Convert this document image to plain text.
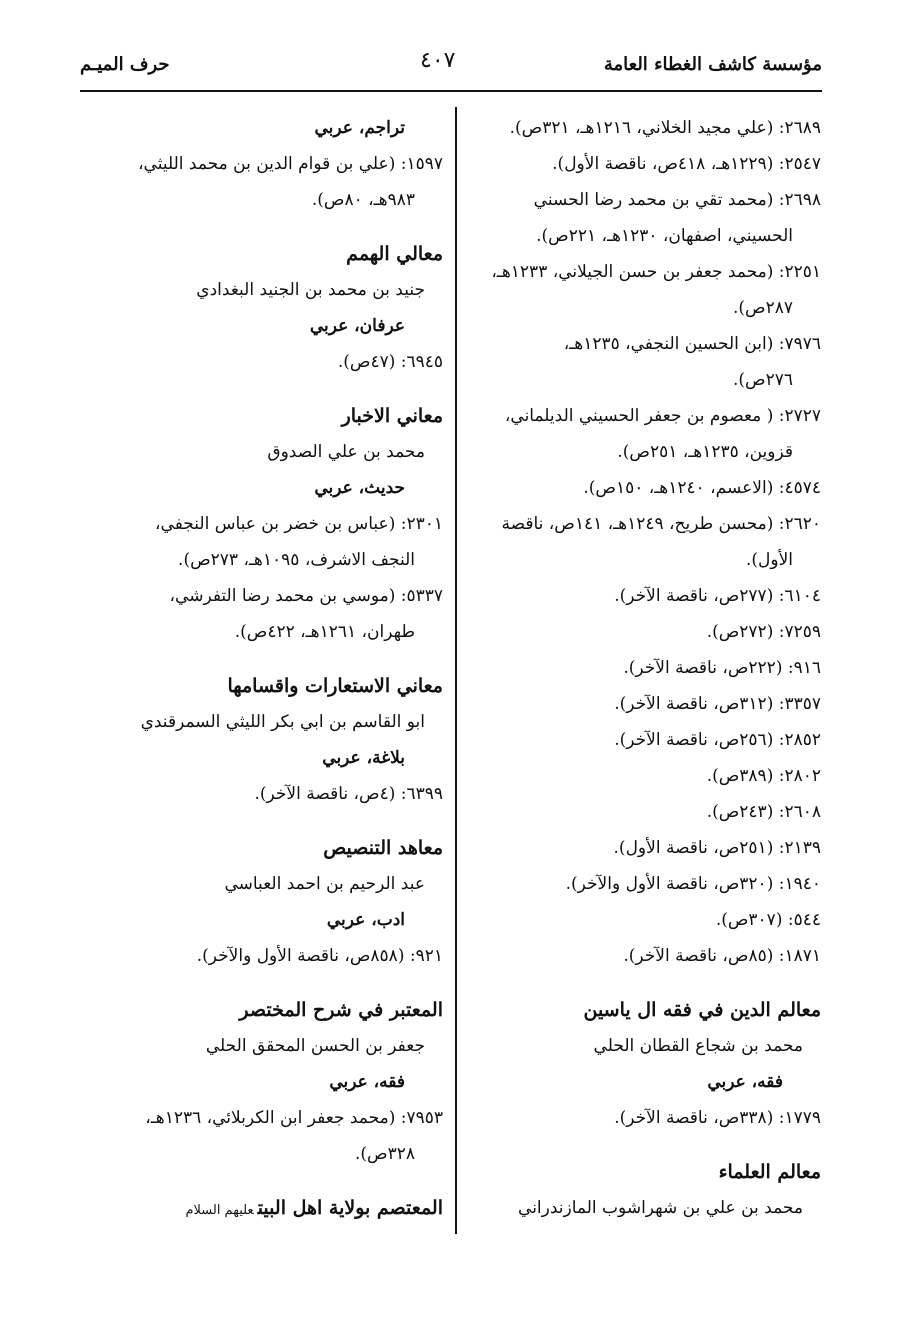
مؤسسة كاشف الغطاء العامة
٤٠٧
حرف الميـم
٢٦٨٩: (علي مجيد الخلاني، ١٢١٦هـ، ٣٢١ص).
٢٥٤٧: (١٢٢٩هـ، ٤١٨ص، ناقصة الأول).
٢٦٩٨: (محمد تقي بن محمد رضا الحسني
الحسيني، اصفهان، ١٢٣٠هـ، ٢٢١ص).
٢٢٥١: (محمد جعفر بن حسن الجيلاني، ١٢٣٣هـ،
٢٨٧ص).
٧٩٧٦: (ابن الحسين النجفي، ١٢٣٥هـ،
٢٧٦ص).
٢٧٢٧: ( معصوم بن جعفر الحسيني الديلماني،
قزوين، ١٢٣٥هـ، ٢٥١ص).
٤٥٧٤: (الاعسم، ١٢٤٠هـ، ١٥٠ص).
٢٦٢٠: (محسن طريح، ١٢٤٩هـ، ١٤١ص، ناقصة
الأول).
٦١٠٤: (٢٧٧ص، ناقصة الآخر).
٧٢٥٩: (٢٧٢ص).
٩١٦: (٢٢٢ص، ناقصة الآخر).
٣٣٥٧: (٣١٢ص، ناقصة الآخر).
٢٨٥٢: (٢٥٦ص، ناقصة الآخر).
٢٨٠٢: (٣٨٩ص).
٢٦٠٨: (٢٤٣ص).
٢١٣٩: (٢٥١ص، ناقصة الأول).
١٩٤٠: (٣٢٠ص، ناقصة الأول والآخر).
٥٤٤: (٣٠٧ص).
١٨٧١: (٨٥ص، ناقصة الآخر).
معالم الدين في فقه ال ياسين
محمد بن شجاع القطان الحلي
فقه، عربي
١٧٧٩: (٣٣٨ص، ناقصة الآخر).
معالم العلماء
محمد بن علي بن شهراشوب المازندراني
تراجم، عربي
١٥٩٧: (علي بن قوام الدين بن محمد الليثي،
٩٨٣هـ، ٨٠ص).
معالي الهمم
جنيد بن محمد بن الجنيد البغدادي
عرفان، عربي
٦٩٤٥: (٤٧ص).
معاني الاخبار
محمد بن علي الصدوق
حديث، عربي
٢٣٠١: (عباس بن خضر بن عباس النجفي،
النجف الاشرف، ١٠٩٥هـ، ٢٧٣ص).
٥٣٣٧: (موسي بن محمد رضا التفرشي،
طهران، ١٢٦١هـ، ٤٢٢ص).
معاني الاستعارات واقسامها
ابو القاسم بن ابي بكر الليثي السمرقندي
بلاغة، عربي
٦٣٩٩: (٤ص، ناقصة الآخر).
معاهد التنصيص
عبد الرحيم بن احمد العباسي
ادب، عربي
٩٢١: (٨٥٨ص، ناقصة الأول والآخر).
المعتبر في شرح المختصر
جعفر بن الحسن المحقق الحلي
فقه، عربي
٧٩٥٣: (محمد جعفر ابن الكربلائي، ١٢٣٦هـ،
٣٢٨ص).
المعتصم بولاية اهل البيتعليهم السلام
